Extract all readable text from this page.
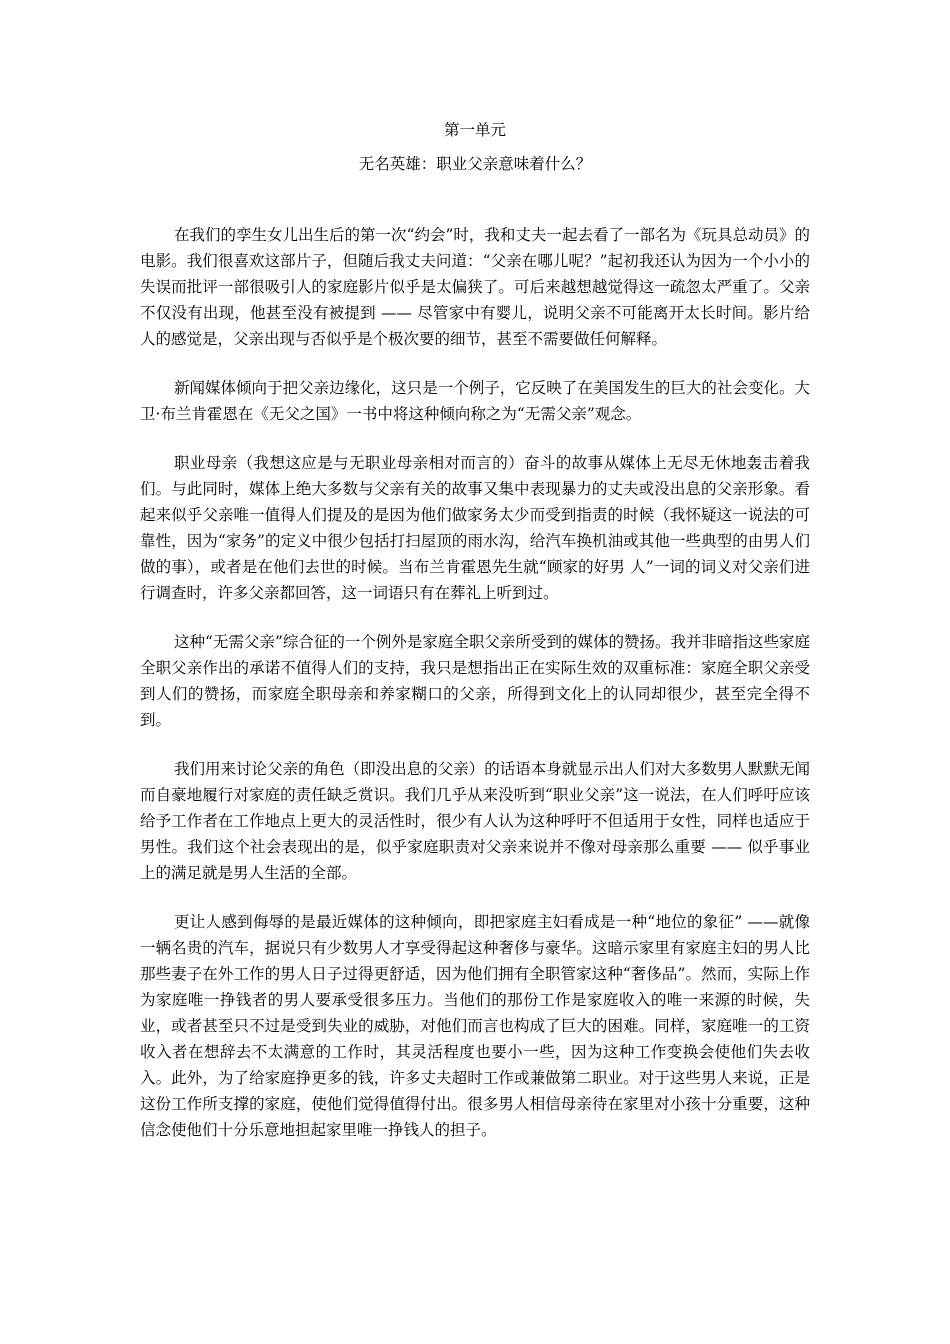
第一单元
无名英雄：职业父亲意味着什么？

在我们的孪生女儿出生后的第一次“约会”时，我和丈夫一起去看了一部名为《玩具总动员》的电影。我们很喜欢这部片子，但随后我丈夫问道：“父亲在哪儿呢？”起初我还认为因为一个小小的失误而批评一部很吸引人的家庭影片似乎是太偏狭了。可后来越想越觉得这一疏忽太严重了。父亲不仅没有出现，他甚至没有被提到 —— 尽管家中有婴儿，说明父亲不可能离开太长时间。影片给人的感觉是，父亲出现与否似乎是个极次要的细节，甚至不需要做任何解释。

新闻媒体倾向于把父亲边缘化，这只是一个例子，它反映了在美国发生的巨大的社会变化。大卫·布兰肯霍恩在《无父之国》一书中将这种倾向称之为“无需父亲”观念。

职业母亲（我想这应是与无职业母亲相对而言的）奋斗的故事从媒体上无尽无休地轰击着我们。与此同时，媒体上绝大多数与父亲有关的故事又集中表现暴力的丈夫或没出息的父亲形象。看起来似乎父亲唯一值得人们提及的是因为他们做家务太少而受到指责的时候（我怀疑这一说法的可靠性，因为“家务”的定义中很少包括打扫屋顶的雨水沟，给汽车换机油或其他一些典型的由男人们做的事），或者是在他们去世的时候。当布兰肯霍恩先生就“顾家的好男 人”一词的词义对父亲们进行调查时，许多父亲都回答，这一词语只有在葬礼上听到过。

这种“无需父亲”综合征的一个例外是家庭全职父亲所受到的媒体的赞扬。我并非暗指这些家庭全职父亲作出的承诺不值得人们的支持，我只是想指出正在实际生效的双重标准：家庭全职父亲受到人们的赞扬，而家庭全职母亲和养家糊口的父亲，所得到文化上的认同却很少，甚至完全得不到。

我们用来讨论父亲的角色（即没出息的父亲）的话语本身就显示出人们对大多数男人默默无闻而自豪地履行对家庭的责任缺乏赏识。我们几乎从来没听到“职业父亲”这一说法，在人们呼吁应该给予工作者在工作地点上更大的灵活性时，很少有人认为这种呼吁不但适用于女性，同样也适应于男性。我们这个社会表现出的是，似乎家庭职责对父亲来说并不像对母亲那么重要 —— 似乎事业上的满足就是男人生活的全部。

更让人感到侮辱的是最近媒体的这种倾向，即把家庭主妇看成是一种“地位的象征” ——就像一辆名贵的汽车，据说只有少数男人才享受得起这种奢侈与豪华。这暗示家里有家庭主妇的男人比那些妻子在外工作的男人日子过得更舒适，因为他们拥有全职管家这种“奢侈品”。然而，实际上作为家庭唯一挣钱者的男人要承受很多压力。当他们的那份工作是家庭收入的唯一来源的时候，失业，或者甚至只不过是受到失业的威胁，对他们而言也构成了巨大的困难。同样，家庭唯一的工资收入者在想辞去不太满意的工作时，其灵活程度也要小一些，因为这种工作变换会使他们失去收入。此外，为了给家庭挣更多的钱，许多丈夫超时工作或兼做第二职业。对于这些男人来说，正是这份工作所支撑的家庭，使他们觉得值得付出。很多男人相信母亲待在家里对小孩十分重要，这种信念使他们十分乐意地担起家里唯一挣钱人的担子。
